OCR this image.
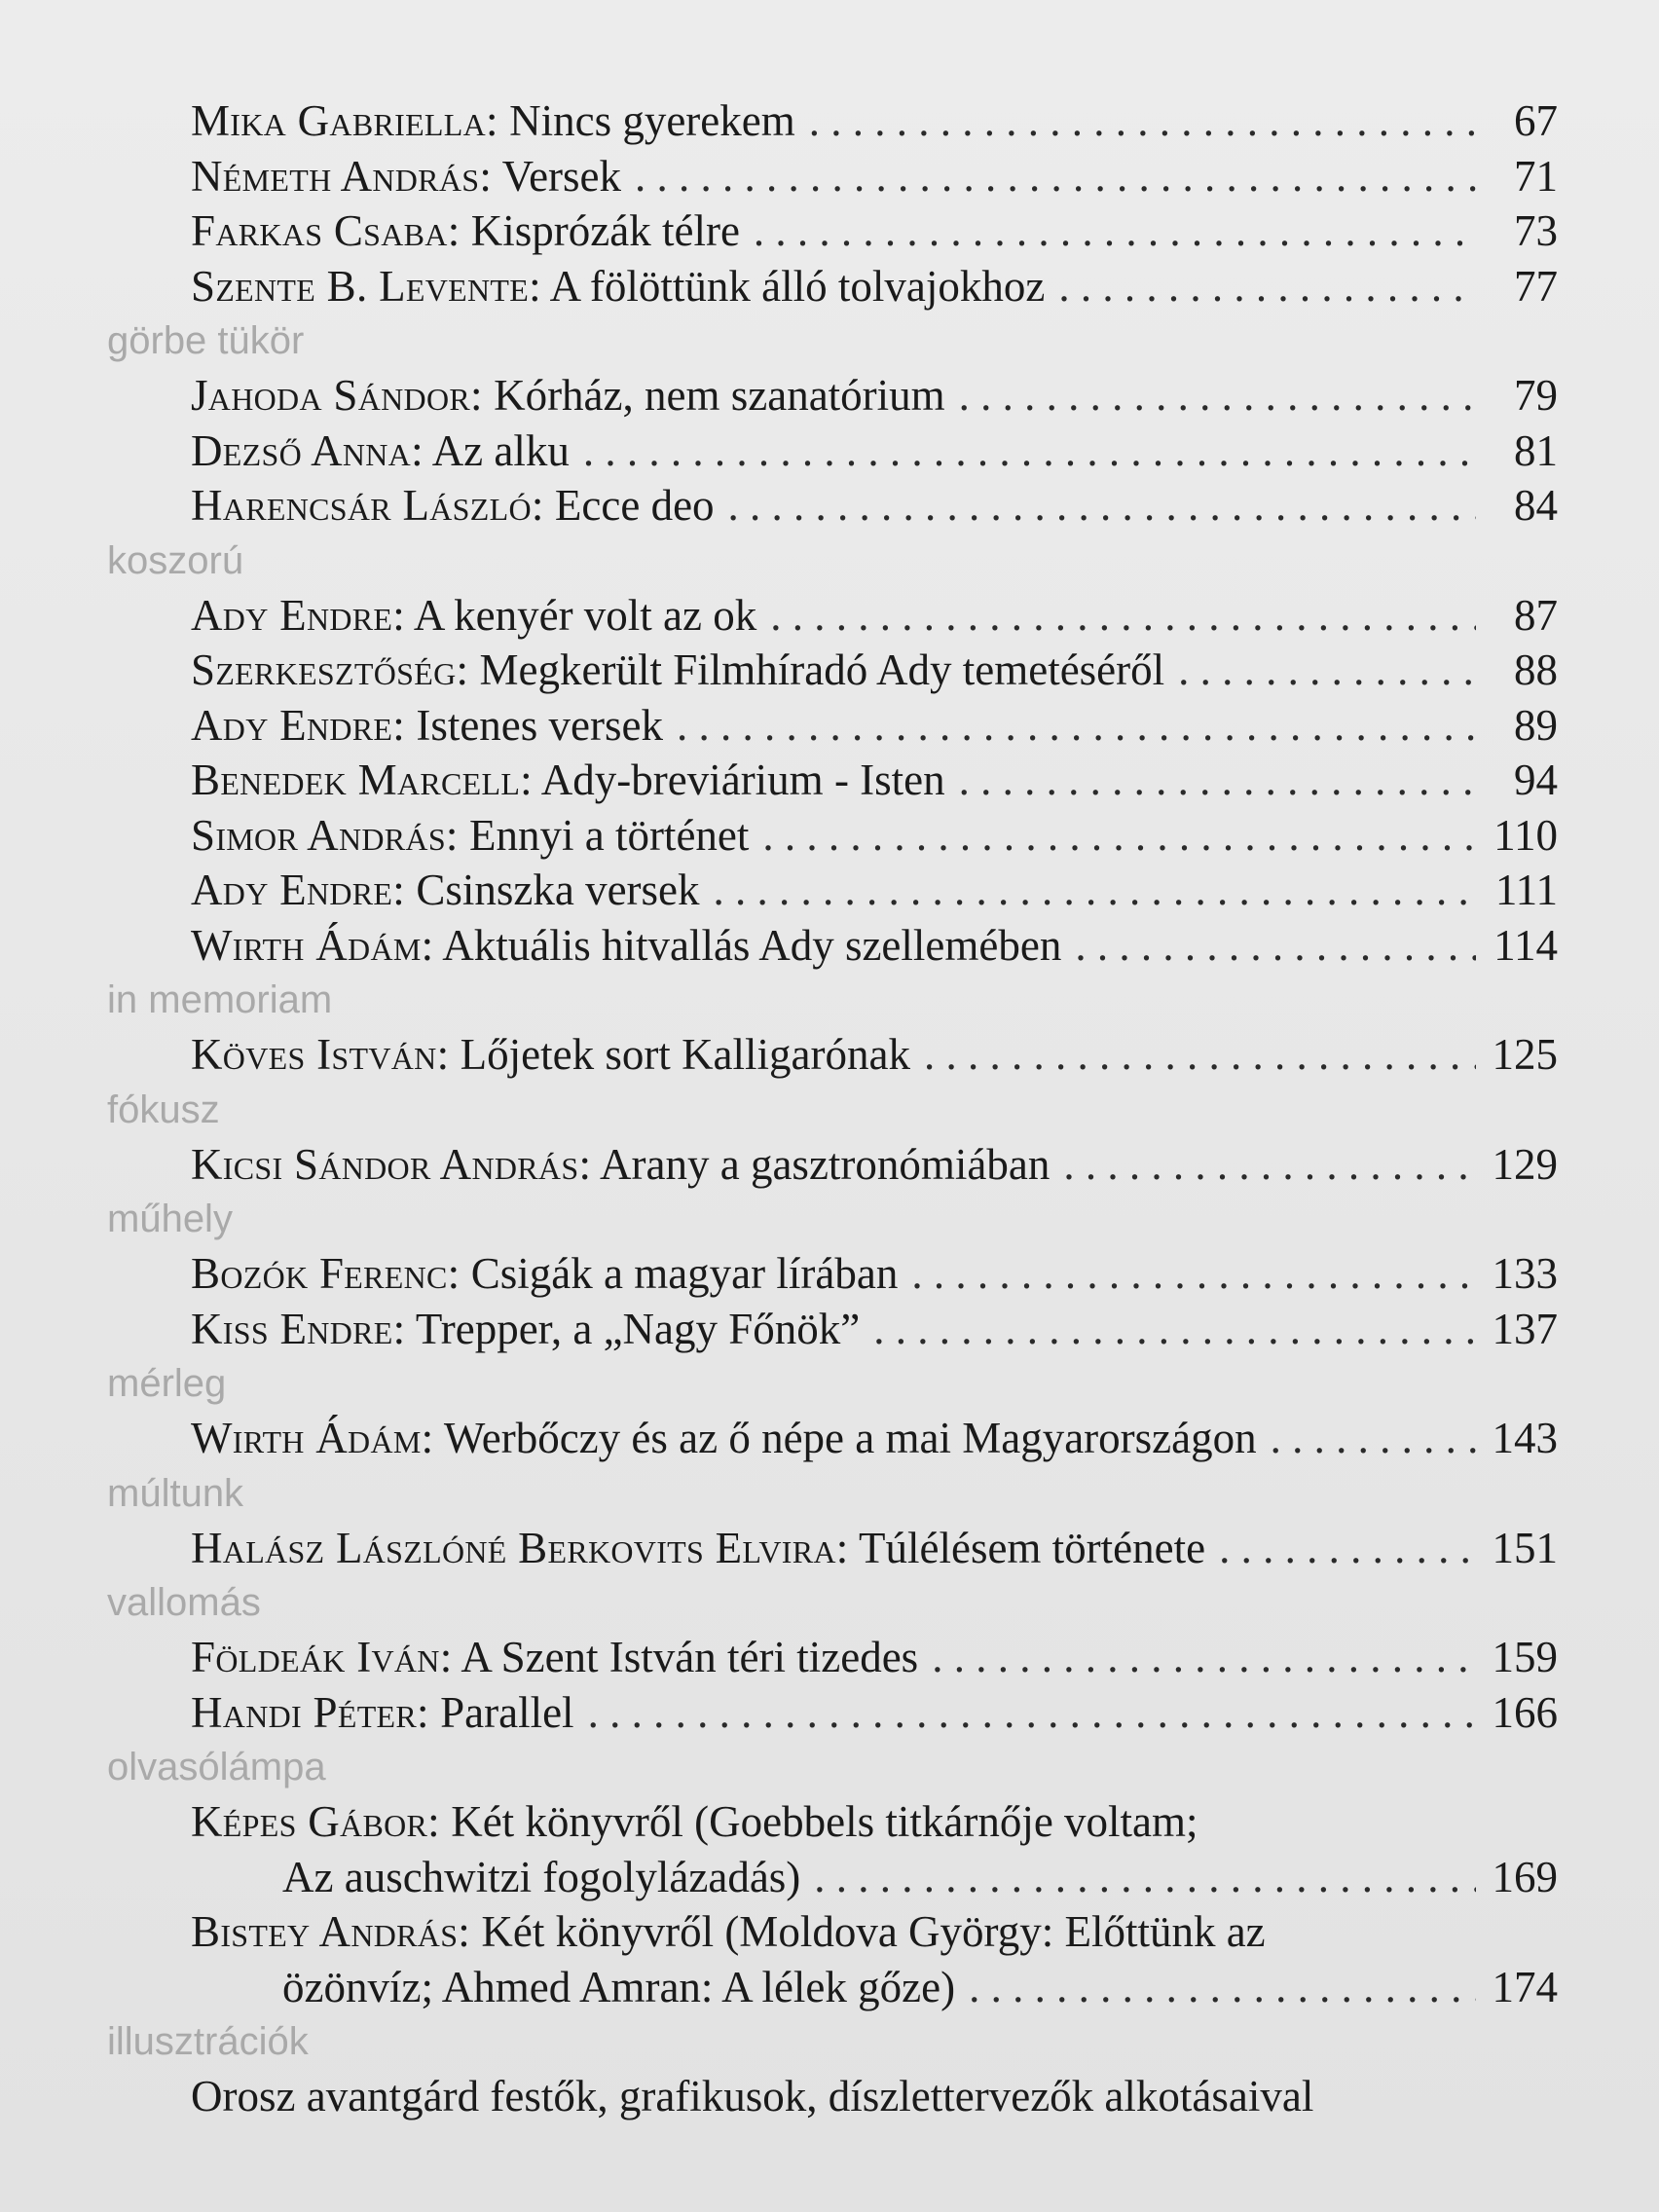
Mika Gabriella: Nincs gyerekem . . .	67
Németh András: Versek . . .	71
Farkas Csaba: Kisprózák télre . . .	73
Szente B. Levente: A fölöttünk álló tolvajokhoz . . .	77
görbe tükör
Jahoda Sándor: Kórház, nem szanatórium . . .	79
Dezső Anna: Az alku . . .	81
Harencsár László: Ecce deo . . .	84
koszorú
Ady Endre: A kenyér volt az ok . . .	87
Szerkesztőség: Megkerült Filmhíradó Ady temetéséről . . .	88
Ady Endre: Istenes versek . . .	89
Benedek Marcell: Ady-breviárium - Isten . . .	94
Simor András: Ennyi a történet . . .	110
Ady Endre: Csinszka versek . . .	111
Wirth Ádám: Aktuális hitvallás Ady szellemében . . .	114
in memoriam
Köves István: Lőjetek sort Kalligarónak . . .	125
fókusz
Kicsi Sándor András: Arany a gasztronómiában . . .	129
műhely
Bozók Ferenc: Csigák a magyar lírában . . .	133
Kiss Endre: Trepper, a „Nagy Főnök” . . .	137
mérleg
Wirth Ádám: Werbőczy és az ő népe a mai Magyarországon . . .	143
múltunk
Halász Lászlóné Berkovits Elvira: Túlélésem története . . .	151
vallomás
Földeák Iván: A Szent István téri tizedes . . .	159
Handi Péter: Parallel . . .	166
olvasólámpa
Képes Gábor: Két könyvről (Goebbels titkárnője voltam;
Az auschwitzi fogolylázadás) . . .	169
Bistey András: Két könyvről (Moldova György: Előttünk az
özönvíz; Ahmed Amran: A lélek gőze) . . .	174
illusztrációk
Orosz avantgárd festők, grafikusok, díszlettervezők alkotásaival
